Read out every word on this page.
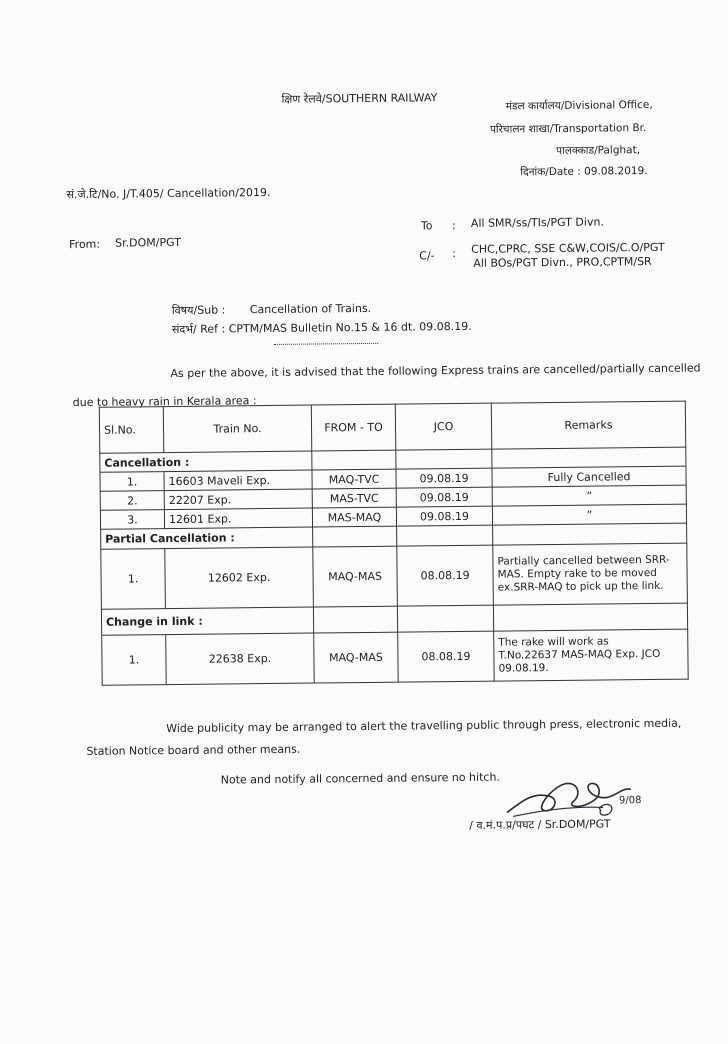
क्षिण रेलवे/SOUTHERN RAILWAY	मंडल कार्यालय/Divisional Office,
परिचालन शाखा/Transportation Br.
पालक्काड/Palghat,
दिनांक/Date : 09.08.2019.
सं.जे.टि/No. J/T.405/ Cancellation/2019.
To : All SMR/ss/TIs/PGT Divn.
From: Sr.DOM/PGT
C/- : CHC,CPRC, SSE C&W,COIS/C.O/PGT
All BOs/PGT Divn., PRO,CPTM/SR
विषय/Sub : Cancellation of Trains.
संदर्भ/ Ref : CPTM/MAS Bulletin No.15 & 16 dt. 09.08.19.
As per the above, it is advised that the following Express trains are cancelled/partially cancelled
due to heavy rain in Kerala area :
Sl.No.	Train No.	FROM - TO	JCO	Remarks
Cancellation :				
1.	16603 Maveli Exp.	MAQ-TVC	09.08.19	Fully Cancelled
2.	22207 Exp.	MAS-TVC	09.08.19	”
3.	12601 Exp.	MAS-MAQ	09.08.19	”
Partial Cancellation :				
1.	12602 Exp.	MAQ-MAS	08.08.19	Partially cancelled between SRR-
MAS. Empty rake to be moved
ex.SRR-MAQ to pick up the link.

Change in link :				
1.	22638 Exp.	MAQ-MAS	08.08.19	The rake will work as
T.No.22637 MAS-MAQ Exp. JCO
09.08.19.
Wide publicity may be arranged to alert the travelling public through press, electronic media,
Station Notice board and other means.
Note and notify all concerned and ensure no hitch.
9/08
/ व.मं.प.प्र/पघट / Sr.DOM/PGT
